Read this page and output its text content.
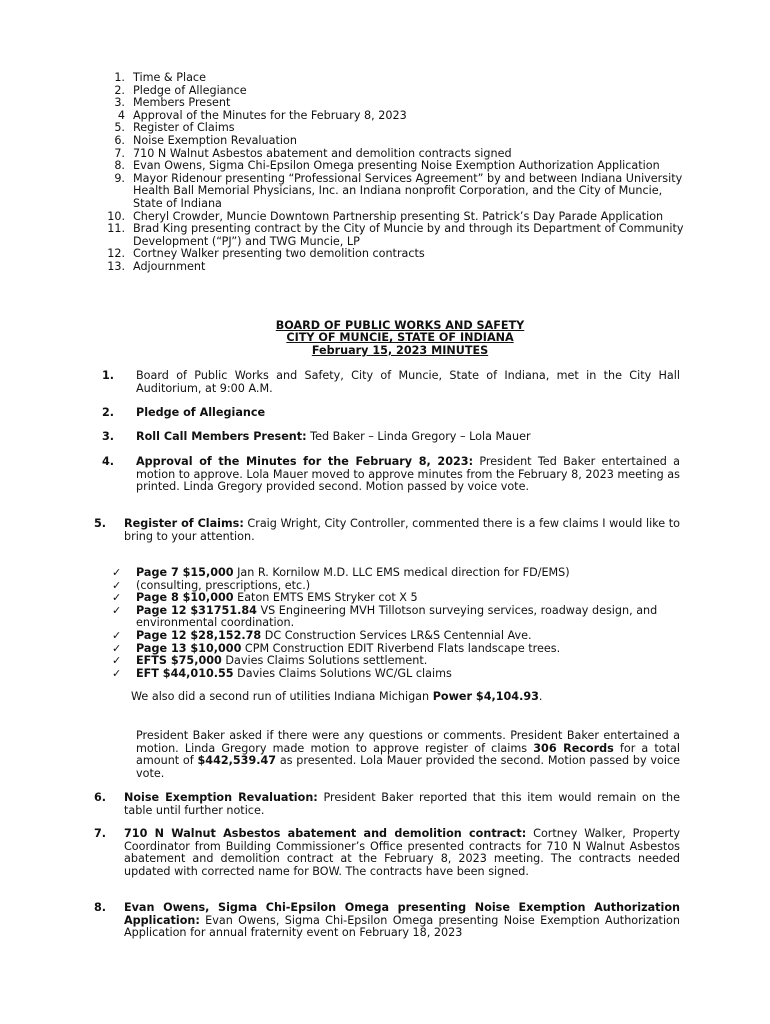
1. Time & Place
2. Pledge of Allegiance
3. Members Present
4 Approval of the Minutes for the February 8, 2023
5. Register of Claims
6. Noise Exemption Revaluation
7. 710 N Walnut Asbestos abatement and demolition contracts signed
8. Evan Owens, Sigma Chi-Epsilon Omega presenting Noise Exemption Authorization Application
9. Mayor Ridenour presenting “Professional Services Agreement” by and between Indiana University Health Ball Memorial Physicians, Inc. an Indiana nonprofit Corporation, and the City of Muncie, State of Indiana
10. Cheryl Crowder, Muncie Downtown Partnership presenting St. Patrick’s Day Parade Application
11. Brad King presenting contract by the City of Muncie by and through its Department of Community Development (“PJ”) and TWG Muncie, LP
12. Cortney Walker presenting two demolition contracts
13. Adjournment
BOARD OF PUBLIC WORKS AND SAFETY
CITY OF MUNCIE, STATE OF INDIANA
February 15, 2023 MINUTES
1.	Board of Public Works and Safety, City of Muncie, State of Indiana, met in the City Hall Auditorium, at 9:00 A.M.
2.	Pledge of Allegiance
3.	Roll Call Members Present: Ted Baker – Linda Gregory – Lola Mauer
4.	Approval of the Minutes for the February 8, 2023: President Ted Baker entertained a motion to approve. Lola Mauer moved to approve minutes from the February 8, 2023 meeting as printed. Linda Gregory provided second. Motion passed by voice vote.
5.	Register of Claims: Craig Wright, City Controller, commented there is a few claims I would like to bring to your attention.
✓	Page 7 $15,000 Jan R. Kornilow M.D. LLC EMS medical direction for FD/EMS)
✓	(consulting, prescriptions, etc.)
✓	Page 8 $10,000 Eaton EMTS EMS Stryker cot X 5
✓	Page 12 $31751.84 VS Engineering MVH Tillotson surveying services, roadway design, and environmental coordination.
✓	Page 12 $28,152.78 DC Construction Services LR&S Centennial Ave.
✓	Page 13 $10,000 CPM Construction EDIT Riverbend Flats landscape trees.
✓	EFTS $75,000 Davies Claims Solutions settlement.
✓	EFT $44,010.55 Davies Claims Solutions WC/GL claims
We also did a second run of utilities Indiana Michigan Power $4,104.93.
President Baker asked if there were any questions or comments. President Baker entertained a motion. Linda Gregory made motion to approve register of claims 306 Records for a total amount of $442,539.47 as presented. Lola Mauer provided the second. Motion passed by voice vote.
6.	Noise Exemption Revaluation: President Baker reported that this item would remain on the table until further notice.
7.	710 N Walnut Asbestos abatement and demolition contract: Cortney Walker, Property Coordinator from Building Commissioner’s Office presented contracts for 710 N Walnut Asbestos abatement and demolition contract at the February 8, 2023 meeting. The contracts needed updated with corrected name for BOW. The contracts have been signed.
8.	Evan Owens, Sigma Chi-Epsilon Omega presenting Noise Exemption Authorization Application: Evan Owens, Sigma Chi-Epsilon Omega presenting Noise Exemption Authorization Application for annual fraternity event on February 18, 2023
